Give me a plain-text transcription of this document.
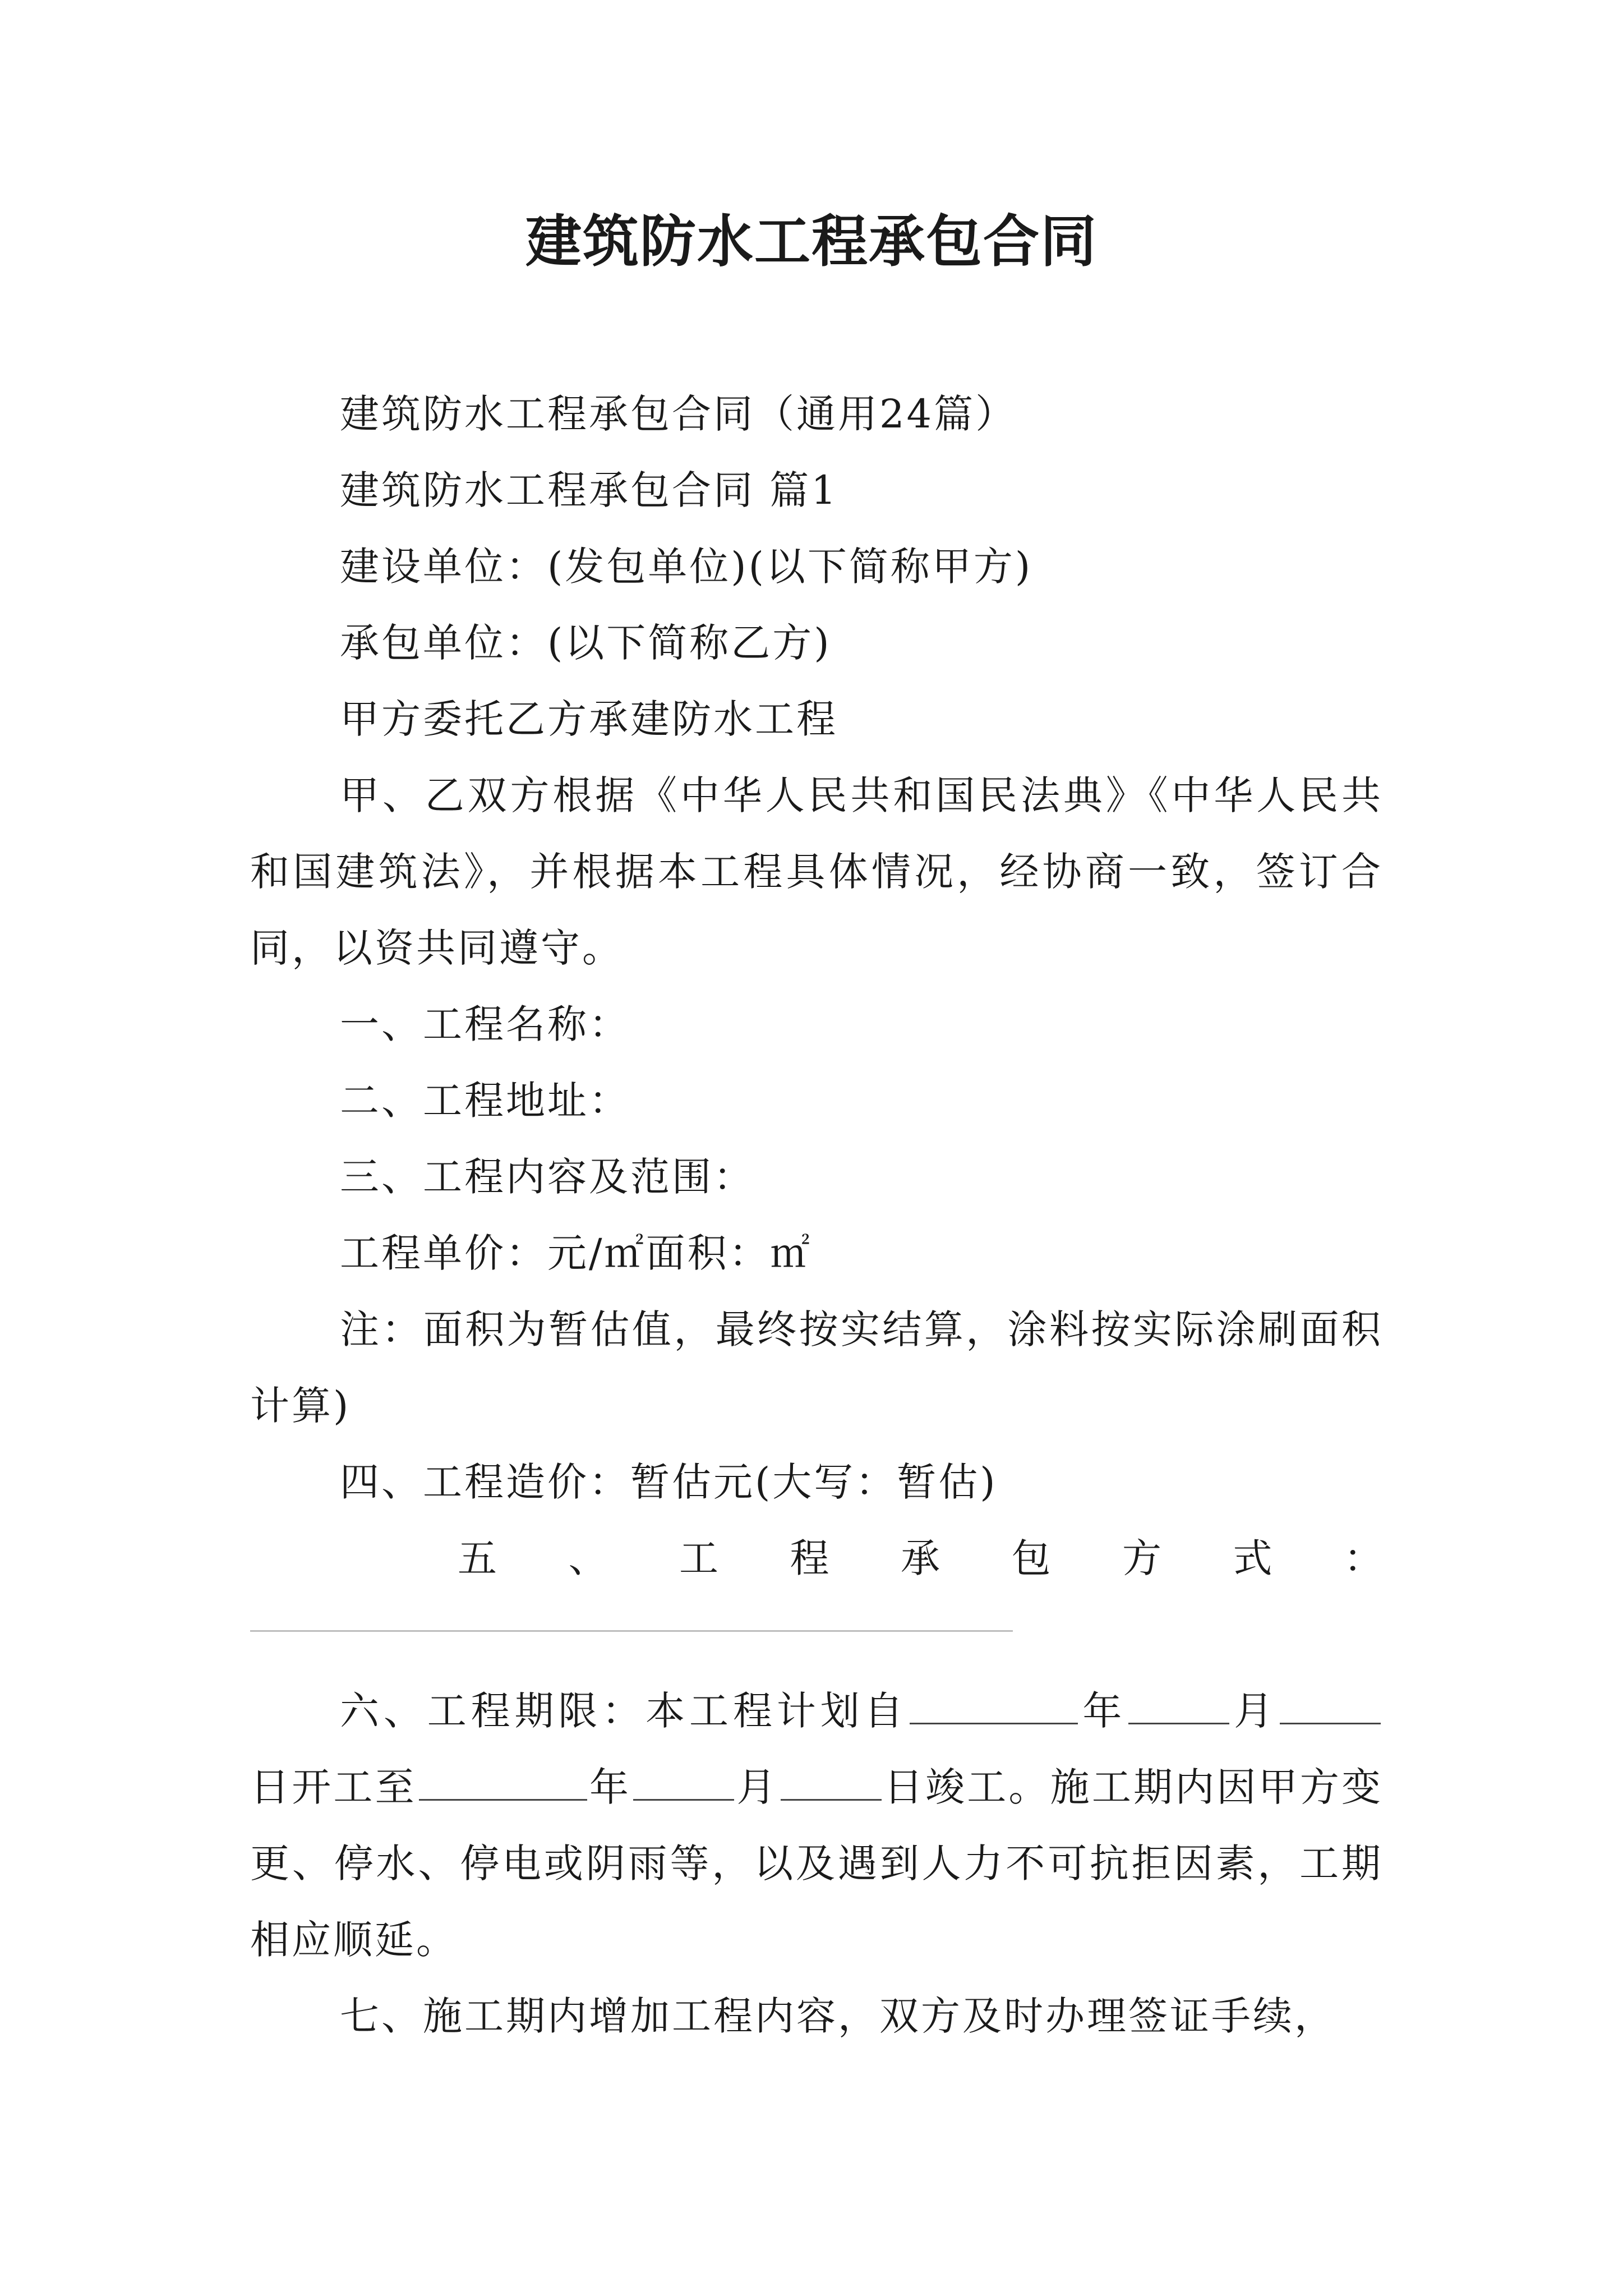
建筑防水工程承包合同

建筑防水工程承包合同（通用24篇）

建筑防水工程承包合同 篇1

建设单位：(发包单位)(以下简称甲方)

承包单位：(以下简称乙方)

甲方委托乙方承建防水工程

甲、乙双方根据《中华人民共和国民法典》《中华人民共和国建筑法》，并根据本工程具体情况，经协商一致，签订合同，以资共同遵守。

一、工程名称：

二、工程地址：

三、工程内容及范围：

工程单价：元/㎡面积：㎡

注：面积为暂估值，最终按实结算，涂料按实际涂刷面积计算)

四、工程造价：暂估元(大写：暂估)

五、工程承包方式：

六、工程期限：本工程计划自	年	月日开工至	年	月	日竣工。施工期内因甲方变更、停水、停电或阴雨等，以及遇到人力不可抗拒因素，工期相应顺延。

七、施工期内增加工程内容，双方及时办理签证手续，
